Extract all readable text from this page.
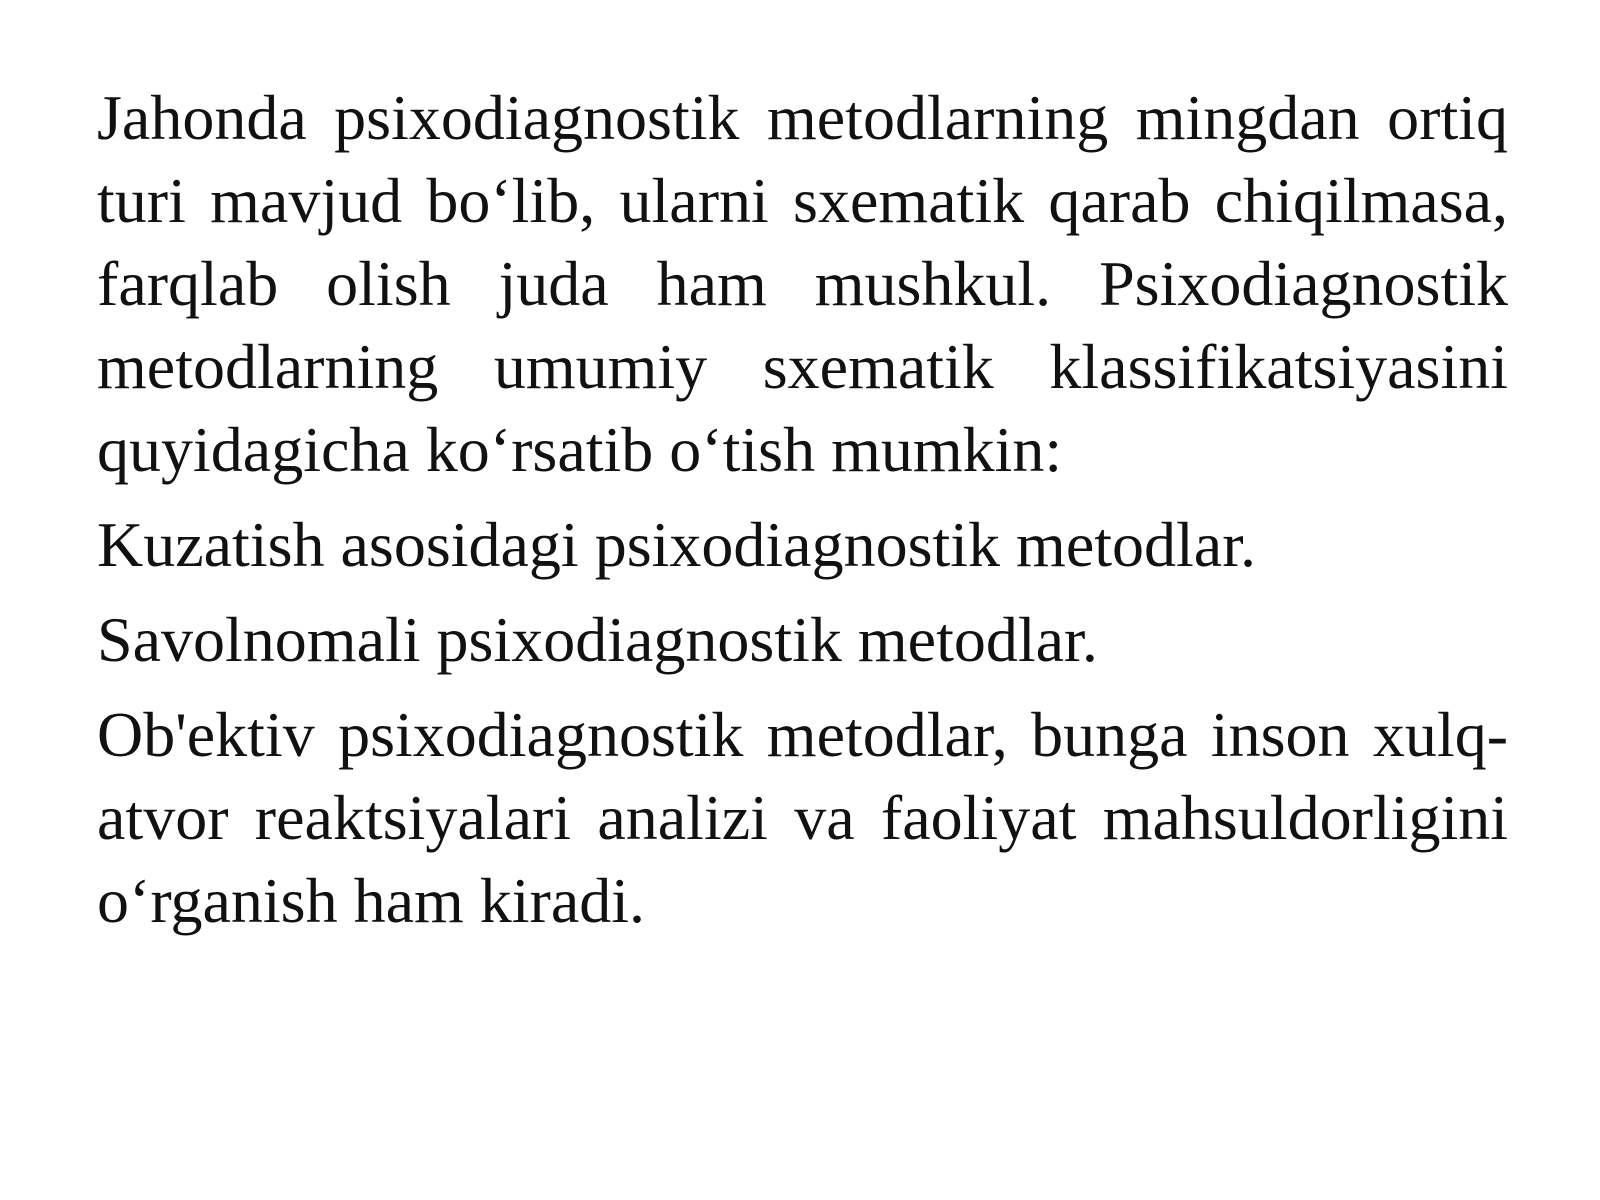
Jahonda psixodiagnostik metodlarning mingdan ortiq turi mavjud bo‘lib, ularni sxematik qarab chiqilmasa, farqlab olish juda ham mushkul. Psixodiagnostik metodlarning umumiy sxematik klassifikatsiyasini quyidagicha ko‘rsatib o‘tish mumkin:

Kuzatish asosidagi psixodiagnostik metodlar.

Savolnomali psixodiagnostik metodlar.

Ob'ektiv psixodiagnostik metodlar, bunga inson xulq-atvor reaktsiyalari analizi va faoliyat mahsuldorligini o‘rganish ham kiradi.
